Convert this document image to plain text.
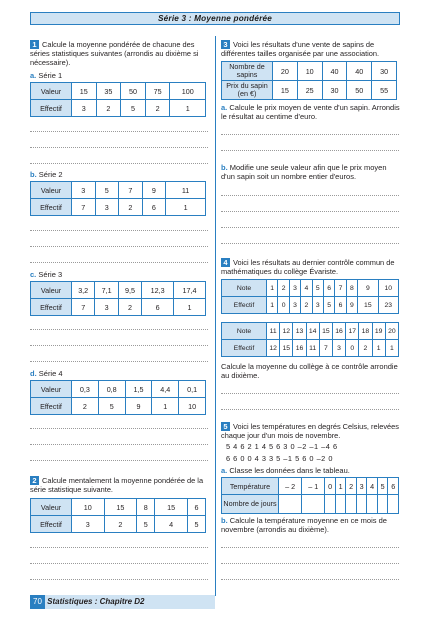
Série 3 : Moyenne pondérée
1 Calcule la moyenne pondérée de chacune des séries statistiques suivantes (arrondis au dixième si nécessaire).
a. Série 1
Valeur	15	35	50	75	100
Effectif	3	2	5	2	1
b. Série 2
Valeur	3	5	7	9	11
Effectif	7	3	2	6	1
c. Série 3
Valeur	3,2	7,1	9,5	12,3	17,4
Effectif	7	3	2	6	1
d. Série 4
Valeur	0,3	0,8	1,5	4,4	0,1
Effectif	2	5	9	1	10
2 Calcule mentalement la moyenne pondérée de la série statistique suivante.
Valeur	10	15	8	15	6
Effectif	3	2	5	4	5
3 Voici les résultats d'une vente de sapins de différentes tailles organisée par une association.
Nombre de sapins	20	10	40	40	30
Prix du sapin (en €)	15	25	30	50	55
a. Calcule le prix moyen de vente d'un sapin. Arrondis le résultat au centime d'euro.
b. Modifie une seule valeur afin que le prix moyen d'un sapin soit un nombre entier d'euros.
4 Voici les résultats au dernier contrôle commun de mathématiques du collège Évariste.
Note	1	2	3	4	5	6	7	8	9	10
Effectif	1	0	3	2	3	5	6	9	15	23
Note	11	12	13	14	15	16	17	18	19	20
Effectif	12	15	16	11	7	3	0	2	1	1
Calcule la moyenne du collège à ce contrôle arrondie au dixième.
5 Voici les températures en degrés Celsius, relevées chaque jour d'un mois de novembre.
5 4 6 2 1 4 5 6 3 0 –2 –1 –4 6
6 6 0 0 4 3 3 5 –1 5 6 0 –2 0
a. Classe les données dans le tableau.
Température	– 2	– 1	0	1	2	3	4	5	6
Nombre de jours									
b. Calcule la température moyenne en ce mois de novembre (arrondis au dixième).
70 Statistiques : Chapitre D2
